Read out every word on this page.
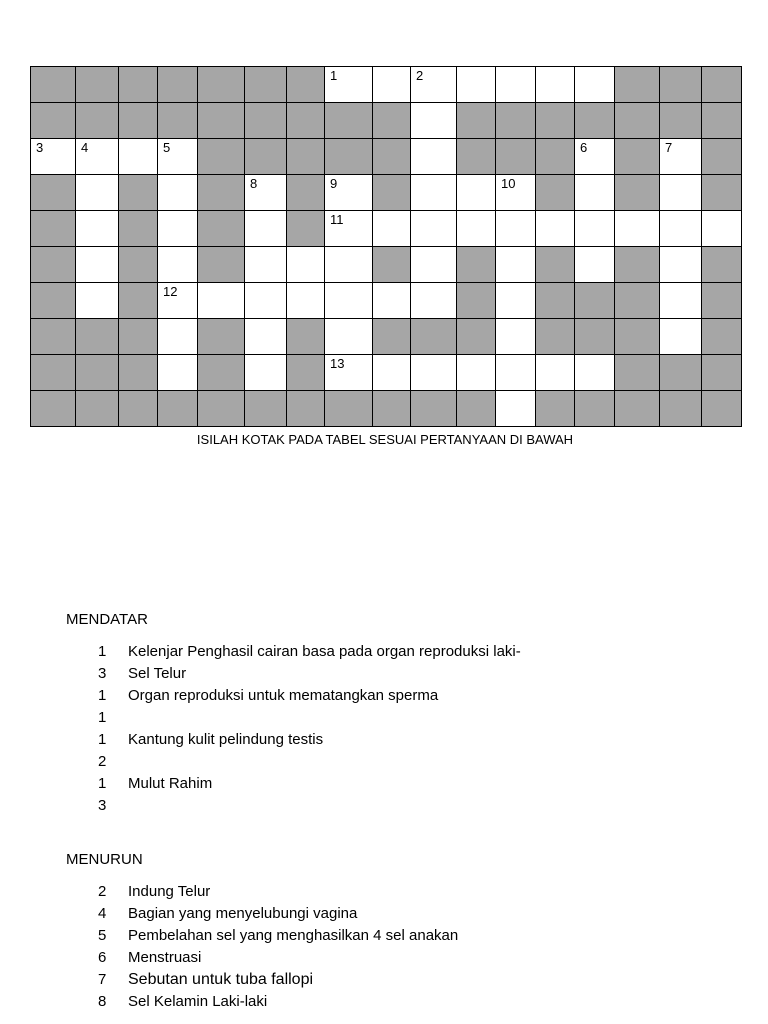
							1		2							

3	4		5										6		7	

					8		9				10					

							11									

			12													

							13									

ISILAH KOTAK PADA TABEL SESUAI PERTANYAAN DI BAWAH
MENDATAR
1 Kelenjar Penghasil cairan basa pada organ reproduksi laki-
3 Sel Telur
1 Organ reproduksi untuk mematangkan sperma
1
1 Kantung kulit pelindung testis
2
1 Mulut Rahim
3
MENURUN
2 Indung Telur
4 Bagian yang menyelubungi vagina
5 Pembelahan sel yang menghasilkan 4 sel anakan
6 Menstruasi
7 Sebutan untuk tuba fallopi
8 Sel Kelamin Laki-laki
